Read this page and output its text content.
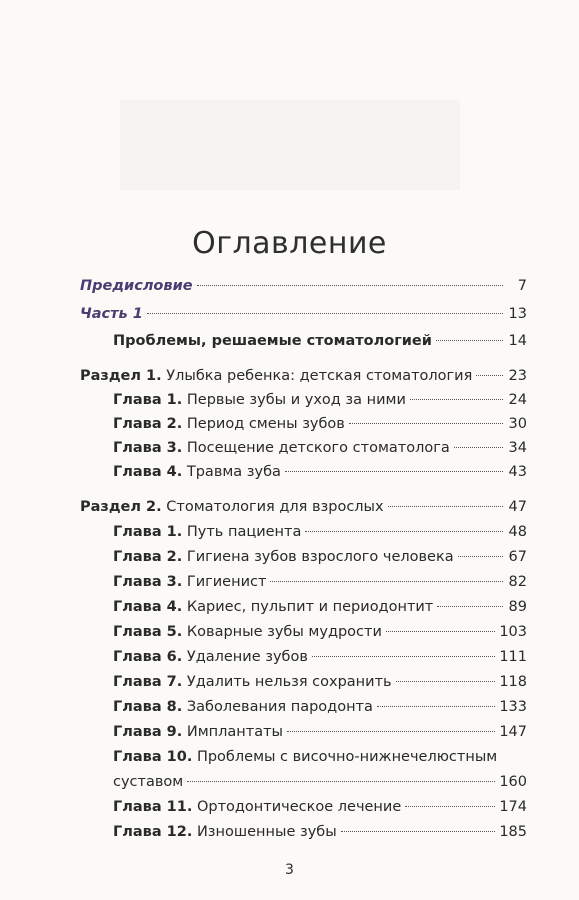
Оглавление
Предисловие	7
Часть 1	13
Проблемы, решаемые стоматологией	14
Раздел 1. Улыбка ребенка: детская стоматология	23
Глава 1. Первые зубы и уход за ними	24
Глава 2. Период смены зубов	30
Глава 3. Посещение детского стоматолога	34
Глава 4. Травма зуба	43
Раздел 2. Стоматология для взрослых	47
Глава 1. Путь пациента	48
Глава 2. Гигиена зубов взрослого человека	67
Глава 3. Гигиенист	82
Глава 4. Кариес, пульпит и периодонтит	89
Глава 5. Коварные зубы мудрости	103
Глава 6. Удаление зубов	111
Глава 7. Удалить нельзя сохранить	118
Глава 8. Заболевания пародонта	133
Глава 9. Имплантаты	147
Глава 10. Проблемы с височно-нижнечелюстным
суставом	160
Глава 11. Ортодонтическое лечение	174
Глава 12. Изношенные зубы	185
3
